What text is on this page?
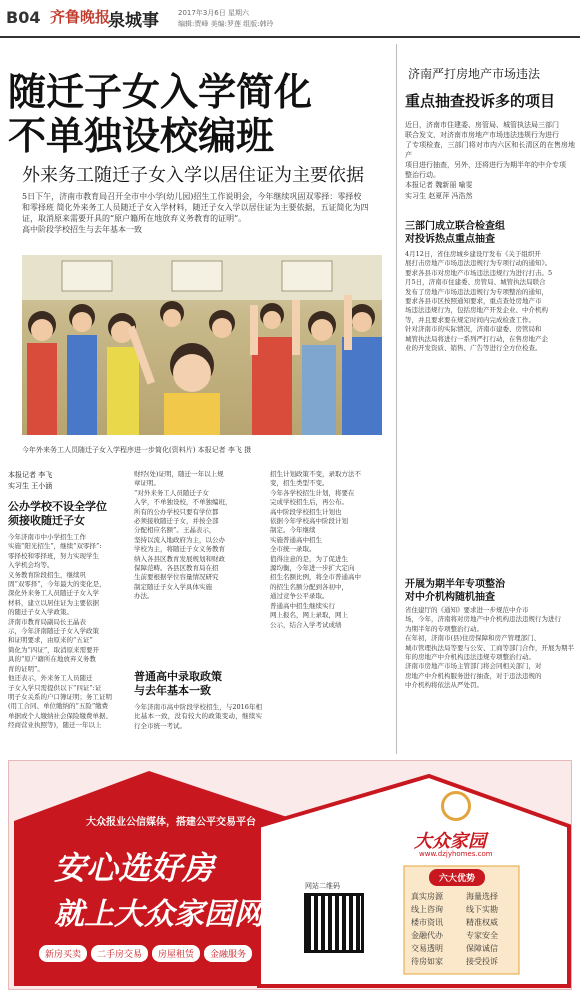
B04 齐鲁晚报
泉城事	2017年3月6日 星期六
编辑:贾峰 美编:罗莲 组版:韩玲
随迁子女入学简化
不单独设校编班
外来务工随迁子女入学以居住证为主要依据
5日下午，济南市教育局召开全市中小学(幼儿园)招生工作说明会，今年继续巩固双零择：零择校
和零择班 简化外来务工人员随迁子女入学材料，随迁子女入学以居住证为主要依据，五证简化为四
证，取消原来需要开具的“原户籍所在地放弃义务教育的证明”。
高中阶段学校招生与去年基本一致
今年外来务工人员随迁子女入学程序进一步简化(资料片) 本报记者 李飞 摄
本报记者 李飞
实习生 王小涵
公办学校不设全学位
须接收随迁子女
今年济南市中小学招生工作
实施“阳光招生”，继续“双零择”:
零择校和零择班，努力实现学生
入学机会均等。
义务教育阶段招生，继续巩
固“双零择”，今年最大的变化是，
深化外来务工人员随迁子女入学
材料，建立以居住证为主要依据
的随迁子女入学政策。
济南市教育局副局长王晶表
示，今年济南随迁子女入学政策
和证明要求，由原来的“五证”
简化为“四证”，取消原来需要开
具的“原户籍所在地放弃义务教
育的证明”。
他还表示，外来务工人员随迁
子女入学只需提供以下“四证”:证
明子女关系的户口簿证明；务工证明
(用工合同、单位缴纳的“五险”缴费
单据或个人缴纳社会保险缴费单据、
经商营业执照等)，随迁一年以上
财经(处)证明，随迁一年以上规
章证明。
“对外来务工人员随迁子女
入学，不单独设校，不单独编班，
所有的公办学校只要有学位都
必须接收随迁子女，并按全部
分配相应名额”。王晶表示，
坚持以流入地政府为主，以公办
学校为主，将随迁子女义务教育
纳入各县区教育发展规划和财政
保障范畴。各县区教育局在招
生前要根据学位容量情况研究
制定随迁子女入学具体实施
办法。
普通高中录取政策
与去年基本一致
今年济南市高中阶段学校招生，与2016年相比基本一致，没有较大的政策变动，继续实行全市统一考试。
招生计划政策不变，录取方法不
变，招生类型不变。
今年各学校招生计划，将要在
完成学校招生后，再公布。
高中阶段学校招生计划也
依据今年学校高中阶段计划
制定。今年继续
实施普通高中招生
全市统一录取。
值得注意的是，为了促进生
源均衡，今年进一步扩大定向
招生名额比例，将全市普通高中
的招生名额分配到各初中，
通过竞争公平录取。
普通高中招生继续实行
网上报名，网上录取，网上
公示，结合入学考试成绩
济南严打房地产市场违法
重点抽查投诉多的项目
近日，济南市住建委、房管局、城管执法局三部门
联合发文，对济南市房地产市场违法违规行为进行
了专项检查，三部门将对市内六区和长清区的在售房地产
项目进行抽查，另外，还将进行为期半年的中介专项
整治行动。
本报记者 魏新丽 喻雯
实习生 赵夏萍 冯浩然
三部门成立联合检查组
对投诉热点重点抽查
4月12日，省住房城乡建设厅发布《关于组织开
展打击房地产市场违法违规行为专项行动的通知》。
要求各县市对房地产市场违法违规行为进行打击。5
月5日，济南市住建委、房管局、城管执法局联合
发布了房地产市场违法违规行为专项整治的通知，
要求各县市区按照通知要求，重点查处房地产市
场违法违规行为，包括房地产开发企业、中介机构
等，并且要求要在规定时间内完成检查工作。
针对济南市的实际情况，济南市建委、房管局和
城管执法局将进行一系列严打行动，在售房地产企
业的开发资质、销售、广告等进行全方位检查。
开展为期半年专项整治
对中介机构随机抽查
省住建厅的《通知》要求进一步规范中介市
场，今年，济南将对房地产中介机构违法违规行为进行
为期半年的专项整治行动。
在年初，济南市(县)住房保障和房产管理部门、
城市管理执法局等要与公安、工商等部门合作，开展为期半
年的房地产中介机构违法违规专项整治行动。
济南市房地产市场主管部门将会同相关部门，对
房地产中介机构服务进行抽查，对于违法违规的
中介机构将依法从严处罚。
大众报业公信媒体，搭建公平交易平台
安心选好房
就上大众家园网
新房买卖	二手房交易	房屋租赁	金融服务
大众家园
www.dzjyhomes.com
六大优势
真实房源	海量选择
线上咨询	线下实勘
楼市资讯	精准权威
金融代办	专家安全
交易透明	保障诚信
待房如家	接受投诉
网站二维码
